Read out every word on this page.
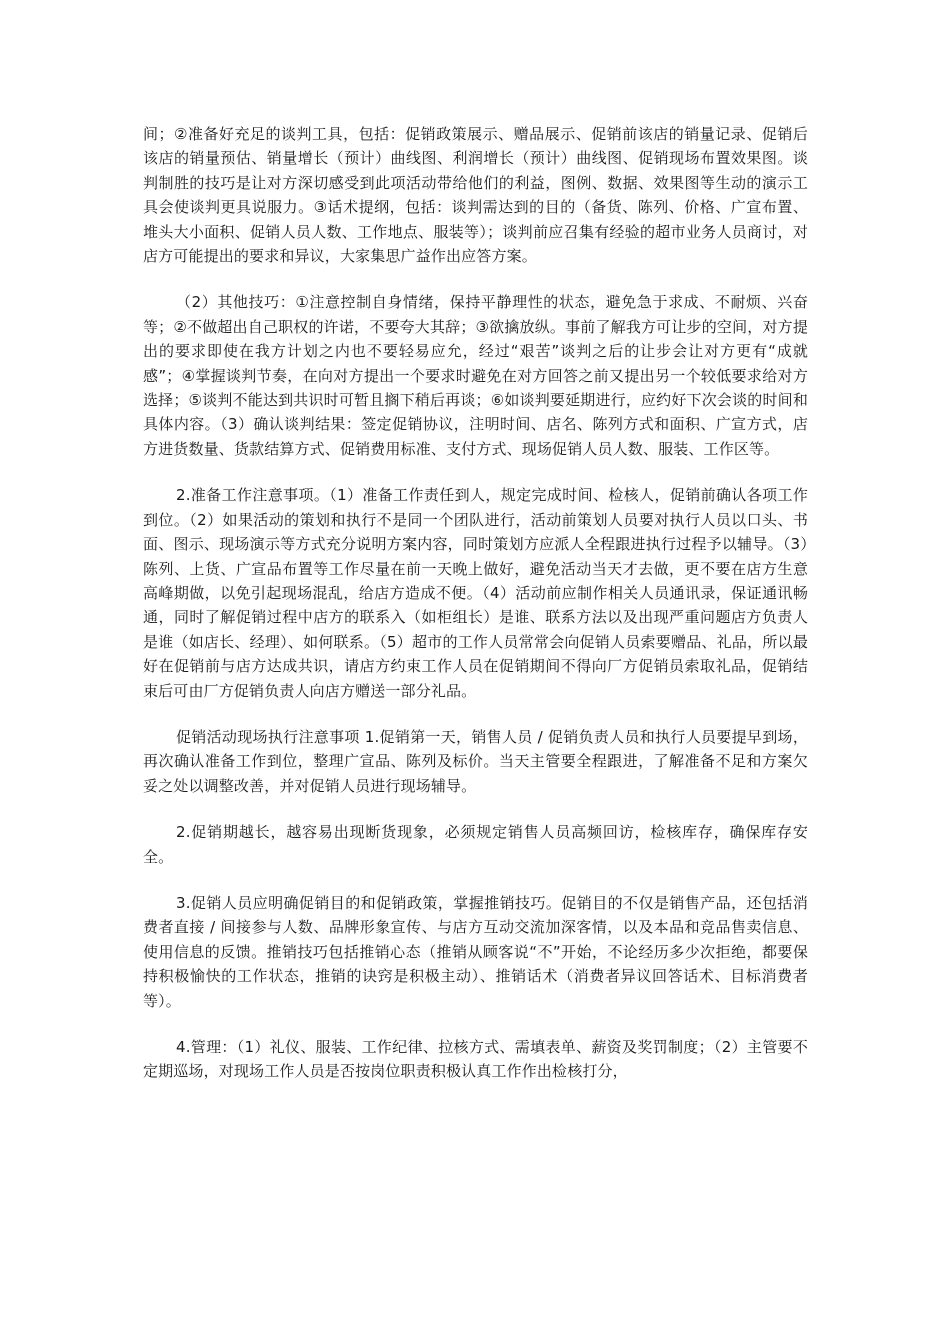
间；②准备好充足的谈判工具，包括：促销政策展示、赠品展示、促销前该店的销量记录、促销后该店的销量预估、销量增长（预计）曲线图、利润增长（预计）曲线图、促销现场布置效果图。谈判制胜的技巧是让对方深切感受到此项活动带给他们的利益，图例、数据、效果图等生动的演示工具会使谈判更具说服力。③话术提纲，包括：谈判需达到的目的（备货、陈列、价格、广宣布置、堆头大小面积、促销人员人数、工作地点、服装等）；谈判前应召集有经验的超市业务人员商讨，对店方可能提出的要求和异议，大家集思广益作出应答方案。

（2）其他技巧：①注意控制自身情绪，保持平静理性的状态，避免急于求成、不耐烦、兴奋等；②不做超出自己职权的许诺，不要夸大其辞；③欲擒放纵。事前了解我方可让步的空间，对方提出的要求即使在我方计划之内也不要轻易应允，经过“艰苦”谈判之后的让步会让对方更有“成就感”；④掌握谈判节奏，在向对方提出一个要求时避免在对方回答之前又提出另一个较低要求给对方选择；⑤谈判不能达到共识时可暂且搁下稍后再谈；⑥如谈判要延期进行，应约好下次会谈的时间和具体内容。（3）确认谈判结果：签定促销协议，注明时间、店名、陈列方式和面积、广宣方式，店方进货数量、货款结算方式、促销费用标准、支付方式、现场促销人员人数、服装、工作区等。

2.准备工作注意事项。（1）准备工作责任到人，规定完成时间、检核人，促销前确认各项工作到位。（2）如果活动的策划和执行不是同一个团队进行，活动前策划人员要对执行人员以口头、书面、图示、现场演示等方式充分说明方案内容，同时策划方应派人全程跟进执行过程予以辅导。（3）陈列、上货、广宣品布置等工作尽量在前一天晚上做好，避免活动当天才去做，更不要在店方生意高峰期做，以免引起现场混乱，给店方造成不便。（4）活动前应制作相关人员通讯录，保证通讯畅通，同时了解促销过程中店方的联系入（如柜组长）是谁、联系方法以及出现严重问题店方负责人是谁（如店长、经理）、如何联系。（5）超市的工作人员常常会向促销人员索要赠品、礼品，所以最好在促销前与店方达成共识，请店方约束工作人员在促销期间不得向厂方促销员索取礼品，促销结束后可由厂方促销负责人向店方赠送一部分礼品。

促销活动现场执行注意事项 1.促销第一天，销售人员 / 促销负责人员和执行人员要提早到场，再次确认准备工作到位，整理广宣品、陈列及标价。当天主管要全程跟进，了解准备不足和方案欠妥之处以调整改善，并对促销人员进行现场辅导。

2.促销期越长，越容易出现断货现象，必须规定销售人员高频回访，检核库存，确保库存安全。

3.促销人员应明确促销目的和促销政策，掌握推销技巧。促销目的不仅是销售产品，还包括消费者直接 / 间接参与人数、品牌形象宣传、与店方互动交流加深客情，以及本品和竞品售卖信息、使用信息的反馈。推销技巧包括推销心态（推销从顾客说“不”开始，不论经历多少次拒绝，都要保持积极愉快的工作状态，推销的诀窍是积极主动）、推销话术（消费者异议回答话术、目标消费者等）。

4.管理：（1）礼仪、服装、工作纪律、拉核方式、需填表单、薪资及奖罚制度；（2）主管要不定期巡场，对现场工作人员是否按岗位职责积极认真工作作出检核打分，
